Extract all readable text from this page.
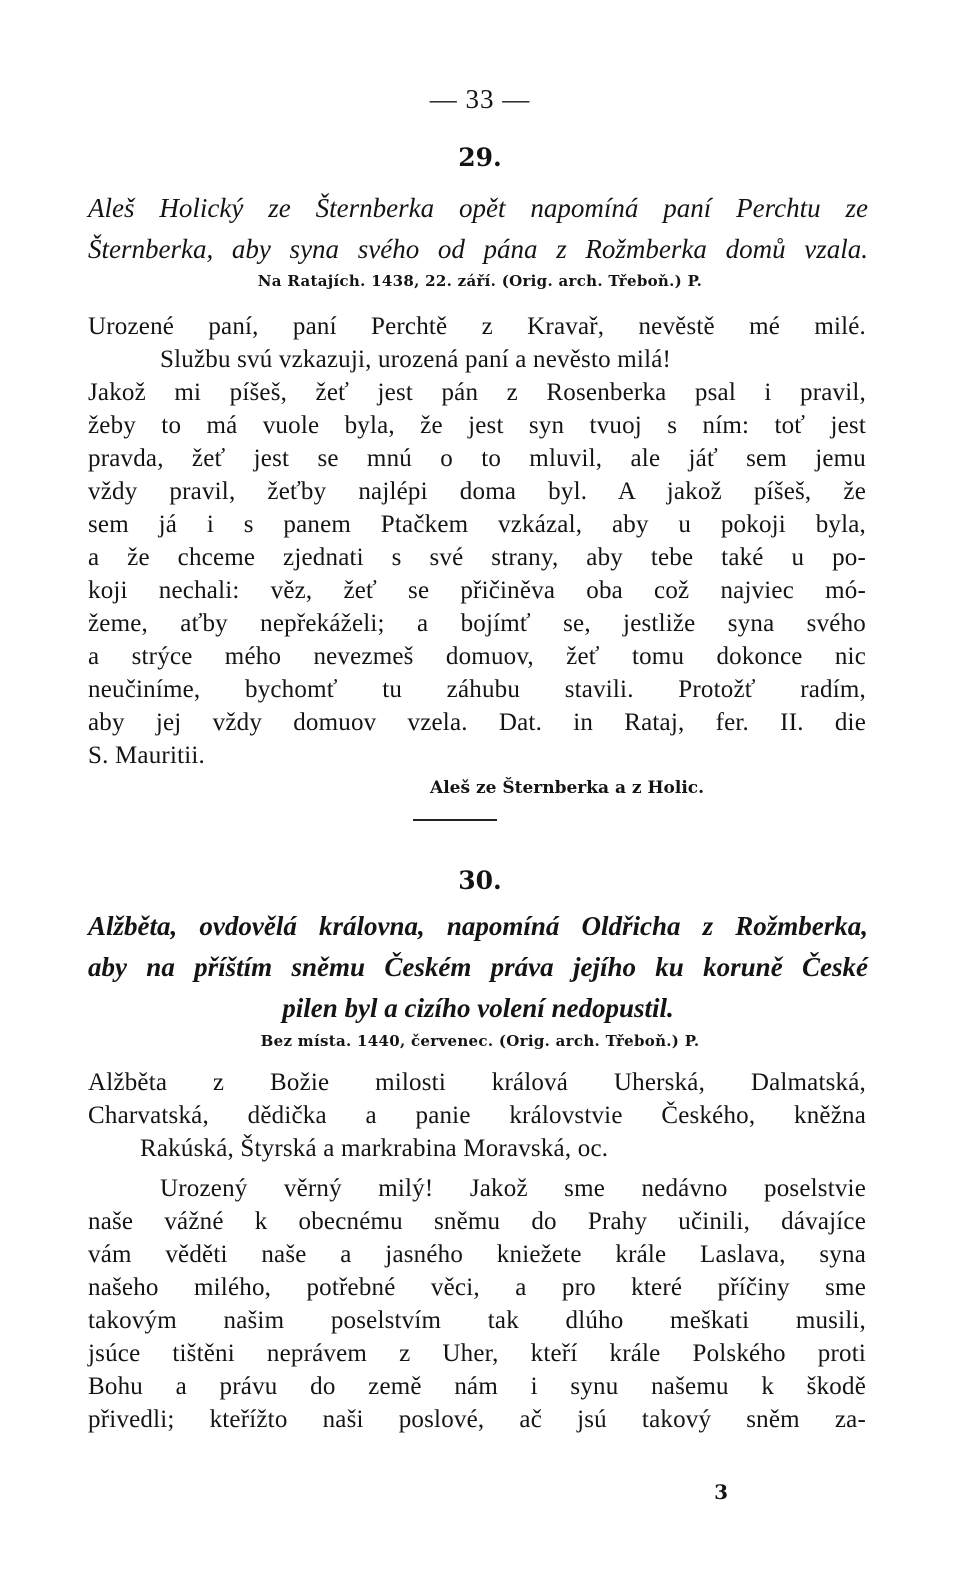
— 33 —
29.
Aleš Holický ze Šternberka opět napomíná paní Perchtu ze
Šternberka, aby syna svého od pána z Rožmberka domů vzala.
Na Ratajích. 1438, 22. září. (Orig. arch. Třeboň.) P.
Urozené paní, paní Perchtě z Kravař, nevěstě mé milé.
Službu svú vzkazuji, urozená paní a nevěsto milá!
Jakož mi píšeš, žeť jest pán z Rosenberka psal i pravil,
žeby to má vuole byla, že jest syn tvuoj s ním: toť jest
pravda, žeť jest se mnú o to mluvil, ale jáť sem jemu
vždy pravil, žeťby najlépi doma byl. A jakož píšeš, že
sem já i s panem Ptačkem vzkázal, aby u pokoji byla,
a že chceme zjednati s své strany, aby tebe také u po-
koji nechali: věz, žeť se přičiněva oba což najviec mó-
žeme, aťby nepřekáželi; a bojímť se, jestliže syna svého
a strýce mého nevezmeš domuov, žeť tomu dokonce nic
neučiníme, bychomť tu záhubu stavili. Protožť radím,
aby jej vždy domuov vzela. Dat. in Rataj, fer. II. die
S. Mauritii.
Aleš ze Šternberka a z Holic.
30.
Alžběta, ovdovělá královna, napomíná Oldřicha z Rožmberka,
aby na příštím sněmu Českém práva jejího ku koruně České
pilen byl a cizího volení nedopustil.
Bez místa. 1440, červenec. (Orig. arch. Třeboň.) P.
Alžběta z Božie milosti králová Uherská, Dalmatská,
Charvatská, dědička a panie královstvie Českého, kněžna
Rakúská, Štyrská a markrabina Moravská, oc.
Urozený věrný milý! Jakož sme nedávno poselstvie
naše vážné k obecnému sněmu do Prahy učinili, dávajíce
vám věděti naše a jasného kniežete krále Laslava, syna
našeho milého, potřebné věci, a pro které příčiny sme
takovým našim poselstvím tak dlúho meškati musili,
jsúce tištěni neprávem z Uher, kteří krále Polského proti
Bohu a právu do země nám i synu našemu k škodě
přivedli; kteřížto naši poslové, ač jsú takový sněm za-
3
